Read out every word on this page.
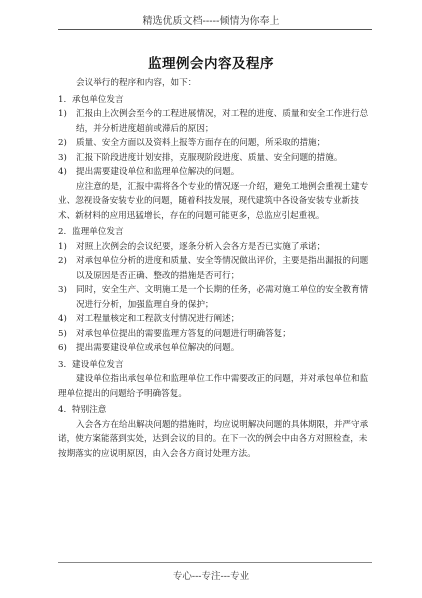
精选优质文档-----倾情为你奉上
监理例会内容及程序

会议举行的程序和内容，如下：

1. 承包单位发言

1)	汇报由上次例会至今的工程进展情况，对工程的进度、质量和安全工作进行总结，并分析进度超前或滞后的原因；
2)	质量、安全方面以及资料上报等方面存在的问题，所采取的措施；
3)	汇报下阶段进度计划安排，克服现阶段进度、质量、安全问题的措施。
4)	提出需要建设单位和监理单位解决的问题。

应注意的是，汇报中需将各个专业的情况逐一介绍，避免工地例会重视土建专业、忽视设备安装专业的问题，随着科技发展，现代建筑中各设备安装专业新技术、新材料的应用迅猛增长，存在的问题可能更多，总监应引起重视。

2. 监理单位发言

1)	对照上次例会的会议纪要，逐条分析入会各方是否已实施了承诺；
2)	对承包单位分析的进度和质量、安全等情况做出评价，主要是指出漏报的问题以及原因是否正确、整改的措施是否可行；
3)	同时，安全生产、文明施工是一个长期的任务，必需对施工单位的安全教育情况进行分析，加强监理自身的保护；
4)	对工程量核定和工程款支付情况进行阐述；
5)	对承包单位提出的需要监理方答复的问题进行明确答复；
6)	提出需要建设单位或承包单位解决的问题。

3. 建设单位发言

建设单位指出承包单位和监理单位工作中需要改正的问题，并对承包单位和监理单位提出的问题给予明确答复。

4. 特别注意

入会各方在给出解决问题的措施时，均应说明解决问题的具体期限，并严守承诺，使方案能落到实处，达到会议的目的。在下一次的例会中由各方对照检查，未按期落实的应说明原因，由入会各方商讨处理方法。

专心---专注---专业
